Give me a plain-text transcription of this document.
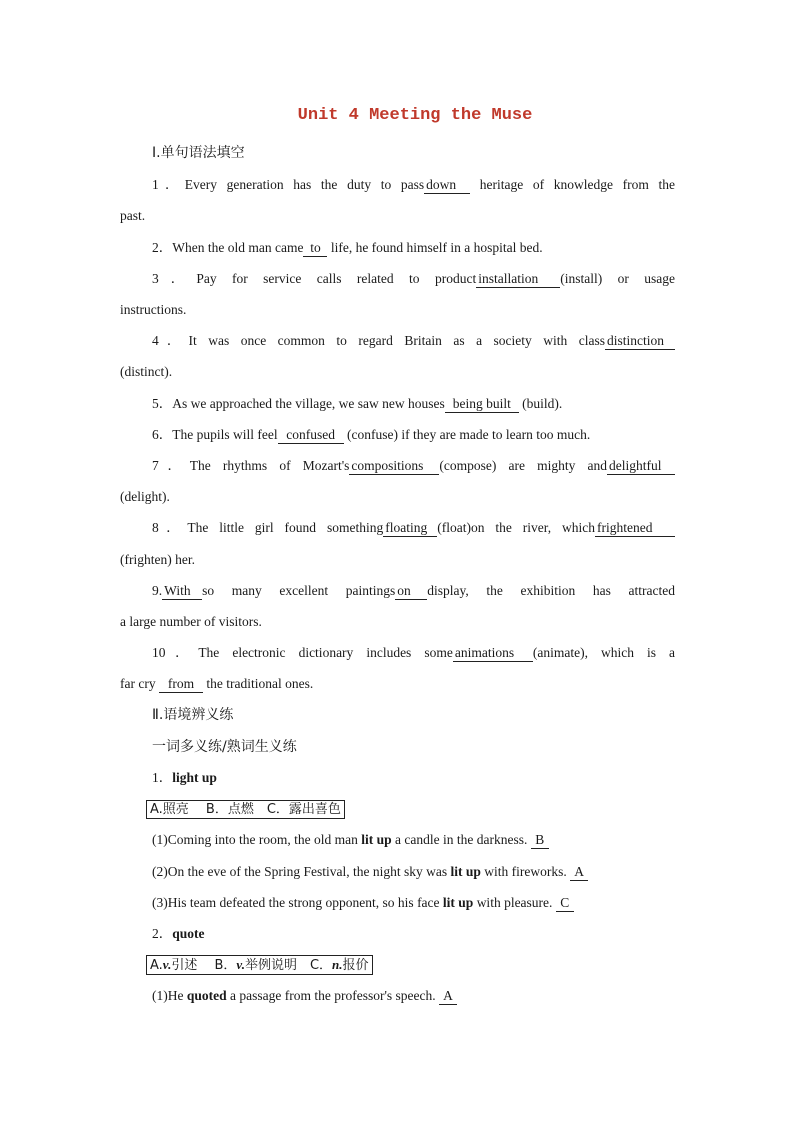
Unit 4 Meeting the Muse
Ⅰ.单句语法填空
1．Every generation has the duty to pass down heritage of knowledge from the
past.
2．When the old man came to life, he found himself in a hospital bed.
3．Pay for service calls related to product installation (install) or usage
instructions.
4．It was once common to regard Britain as a society with class distinction
(distinct).
5．As we approached the village, we saw new houses being built (build).
6．The pupils will feel confused (confuse) if they are made to learn too much.
7．The rhythms of Mozart's compositions (compose) are mighty and delightful
(delight).
8．The little girl found something floating (float)on the river, which frightened
(frighten) her.
9. With so many excellent paintings on display, the exhibition has attracted
a large number of visitors.
10．The electronic dictionary includes some animations (animate), which is a
far cry from the traditional ones.
Ⅱ.语境辨义练
一词多义练/熟词生义练
1．light up
A.照亮　 B．点燃　C．露出喜色
(1)Coming into the room, the old man lit up a candle in the darkness. B
(2)On the eve of the Spring Festival, the night sky was lit up with fireworks. A
(3)His team defeated the strong opponent, so his face lit up with pleasure. C
2．quote
A.v.引述　 B．v.举例说明　C．n.报价
(1)He quoted a passage from the professor's speech. A
